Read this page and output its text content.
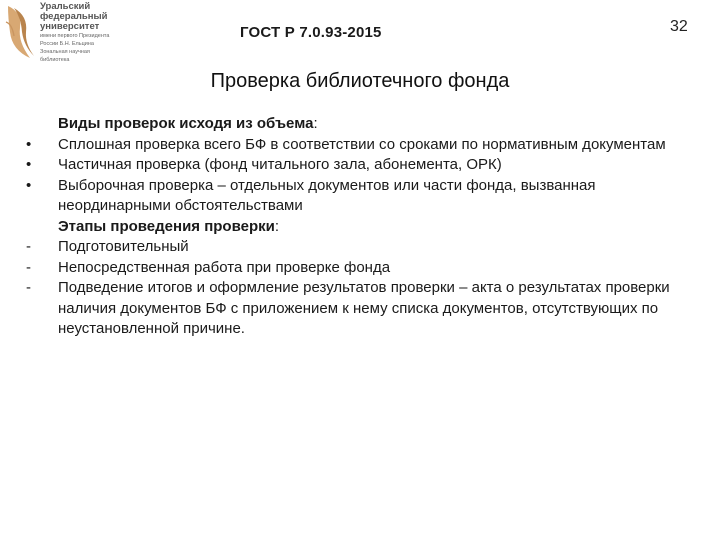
Уральский
федеральный
университет
имени первого Президента
России Б.Н. Ельцина
Зональная научная
библиотека
ГОСТ Р 7.0.93-2015	32
Проверка библиотечного фонда
Виды проверок исходя из объема:
•	Сплошная проверка всего БФ в соответствии со сроками по нормативным документам
•	Частичная проверка (фонд читального зала, абонемента, ОРК)
•	Выборочная проверка – отдельных документов или части фонда, вызванная неординарными обстоятельствами
Этапы проведения проверки:
-	Подготовительный
-	Непосредственная работа при проверке фонда
-	Подведение итогов и оформление результатов проверки – акта о результатах проверки наличия документов БФ с приложением к нему списка документов, отсутствующих по неустановленной причине.
